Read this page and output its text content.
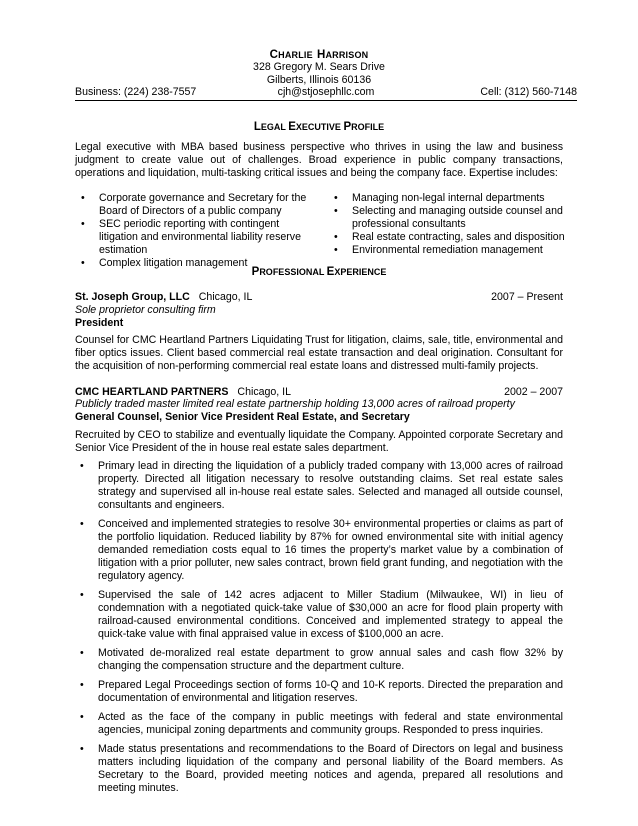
CHARLIE HARRISON
328 Gregory M. Sears Drive
Gilberts, Illinois 60136
Business: (224) 238-7557	cjh@stjosephllc.com	Cell: (312) 560-7148
LEGAL EXECUTIVE PROFILE
Legal executive with MBA based business perspective who thrives in using the law and business judgment to create value out of challenges. Broad experience in public company transactions, operations and liquidation, multi-tasking critical issues and being the company face. Expertise includes:
• Corporate governance and Secretary for the Board of Directors of a public company
• SEC periodic reporting with contingent litigation and environmental liability reserve estimation
• Complex litigation management
• Managing non-legal internal departments
• Selecting and managing outside counsel and professional consultants
• Real estate contracting, sales and disposition
• Environmental remediation management
PROFESSIONAL EXPERIENCE
St. Joseph Group, LLC Chicago, IL	2007 – Present
Sole proprietor consulting firm
President
Counsel for CMC Heartland Partners Liquidating Trust for litigation, claims, sale, title, environmental and fiber optics issues. Client based commercial real estate transaction and deal origination. Consultant for the acquisition of non-performing commercial real estate loans and distressed multi-family projects.
CMC HEARTLAND PARTNERS Chicago, IL	2002 – 2007
Publicly traded master limited real estate partnership holding 13,000 acres of railroad property
General Counsel, Senior Vice President Real Estate, and Secretary
Recruited by CEO to stabilize and eventually liquidate the Company. Appointed corporate Secretary and Senior Vice President of the in house real estate sales department.
• Primary lead in directing the liquidation of a publicly traded company with 13,000 acres of railroad property. Directed all litigation necessary to resolve outstanding claims. Set real estate sales strategy and supervised all in-house real estate sales. Selected and managed all outside counsel, consultants and engineers.
• Conceived and implemented strategies to resolve 30+ environmental properties or claims as part of the portfolio liquidation. Reduced liability by 87% for owned environmental site with initial agency demanded remediation costs equal to 16 times the property’s market value by a combination of litigation with a prior polluter, new sales contract, brown field grant funding, and negotiation with the regulatory agency.
• Supervised the sale of 142 acres adjacent to Miller Stadium (Milwaukee, WI) in lieu of condemnation with a negotiated quick-take value of $30,000 an acre for flood plain property with railroad-caused environmental conditions. Conceived and implemented strategy to appeal the quick-take value with final appraised value in excess of $100,000 an acre.
• Motivated de-moralized real estate department to grow annual sales and cash flow 32% by changing the compensation structure and the department culture.
• Prepared Legal Proceedings section of forms 10-Q and 10-K reports. Directed the preparation and documentation of environmental and litigation reserves.
• Acted as the face of the company in public meetings with federal and state environmental agencies, municipal zoning departments and community groups. Responded to press inquiries.
• Made status presentations and recommendations to the Board of Directors on legal and business matters including liquidation of the company and personal liability of the Board members. As Secretary to the Board, provided meeting notices and agenda, prepared all resolutions and meeting minutes.
